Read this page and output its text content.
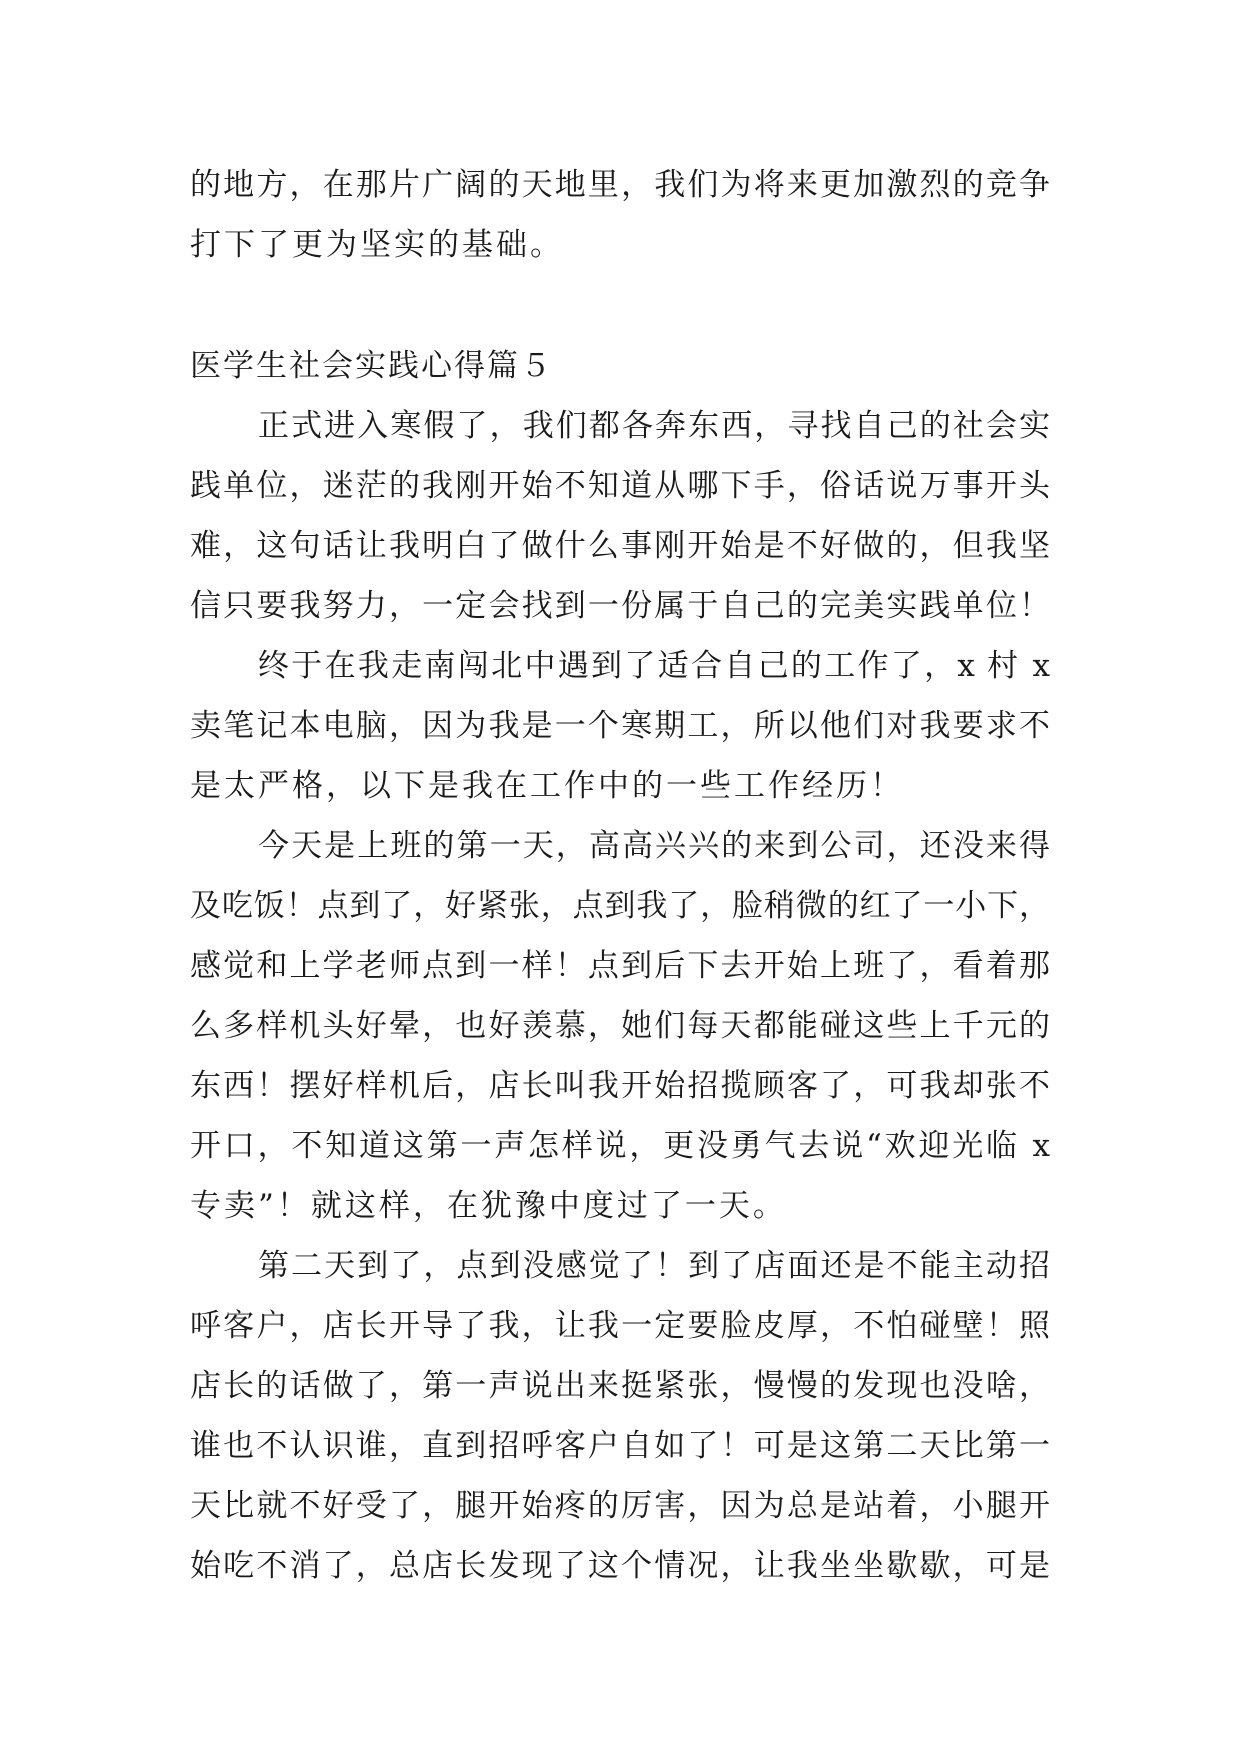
的地方，在那片广阔的天地里，我们为将来更加激烈的竞争
打下了更为坚实的基础。
医学生社会实践心得篇５
正式进入寒假了，我们都各奔东西，寻找自己的社会实
践单位，迷茫的我刚开始不知道从哪下手，俗话说万事开头
难，这句话让我明白了做什么事刚开始是不好做的，但我坚
信只要我努力，一定会找到一份属于自己的完美实践单位！
终于在我走南闯北中遇到了适合自己的工作了，x 村 x
卖笔记本电脑，因为我是一个寒期工，所以他们对我要求不
是太严格，以下是我在工作中的一些工作经历！
今天是上班的第一天，高高兴兴的来到公司，还没来得
及吃饭！点到了，好紧张，点到我了，脸稍微的红了一小下，
感觉和上学老师点到一样！点到后下去开始上班了，看着那
么多样机头好晕，也好羡慕，她们每天都能碰这些上千元的
东西！摆好样机后，店长叫我开始招揽顾客了，可我却张不
开口，不知道这第一声怎样说，更没勇气去说“欢迎光临 x
专卖”！就这样，在犹豫中度过了一天。
第二天到了，点到没感觉了！到了店面还是不能主动招
呼客户，店长开导了我，让我一定要脸皮厚，不怕碰壁！照
店长的话做了，第一声说出来挺紧张，慢慢的发现也没啥，
谁也不认识谁，直到招呼客户自如了！可是这第二天比第一
天比就不好受了，腿开始疼的厉害，因为总是站着，小腿开
始吃不消了，总店长发现了这个情况，让我坐坐歇歇，可是
